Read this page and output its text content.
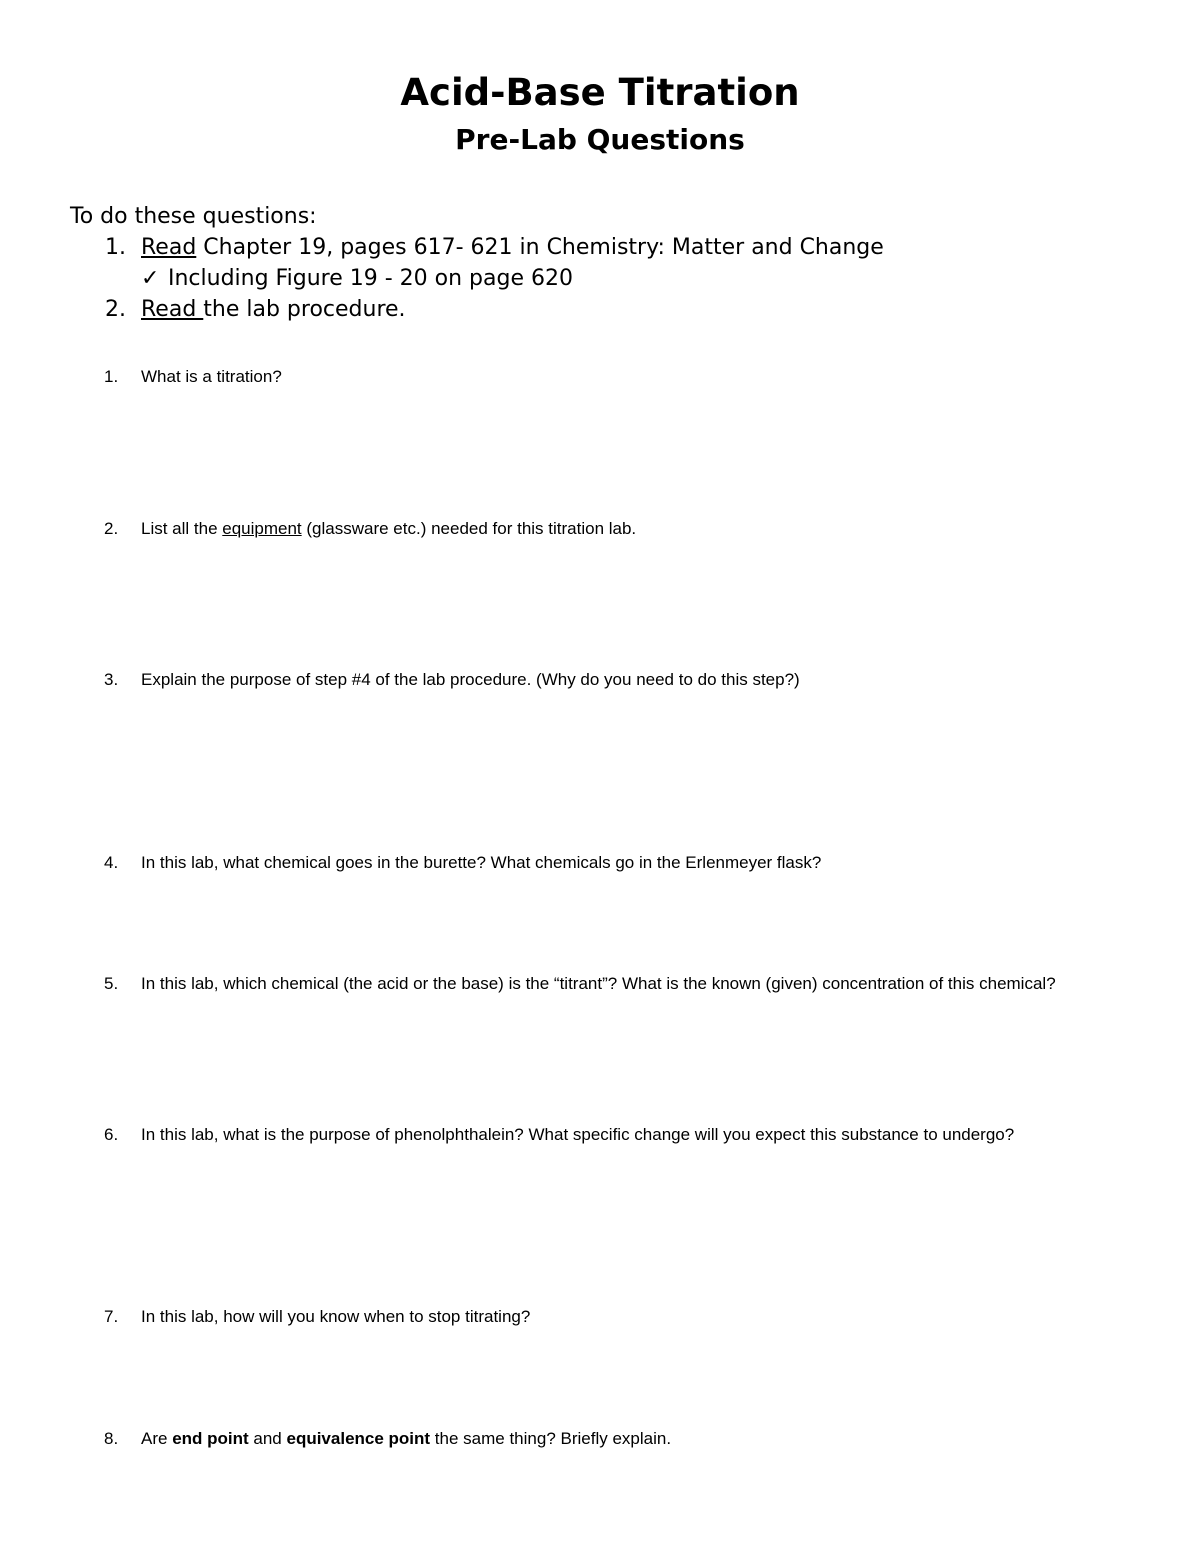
Acid-Base Titration
Pre-Lab Questions
To do these questions:
1. Read Chapter 19, pages 617- 621 in Chemistry: Matter and Change
✓ Including Figure 19 - 20 on page 620
2. Read the lab procedure.
1.	What is a titration?
2.	List all the equipment (glassware etc.) needed for this titration lab.
3.	Explain the purpose of step #4 of the lab procedure. (Why do you need to do this step?)
4.	In this lab, what chemical goes in the burette? What chemicals go in the Erlenmeyer flask?
5.	In this lab, which chemical (the acid or the base) is the “titrant”? What is the known (given) concentration of this chemical?
6.	In this lab, what is the purpose of phenolphthalein? What specific change will you expect this substance to undergo?
7.	In this lab, how will you know when to stop titrating?
8.	Are end point and equivalence point the same thing? Briefly explain.
